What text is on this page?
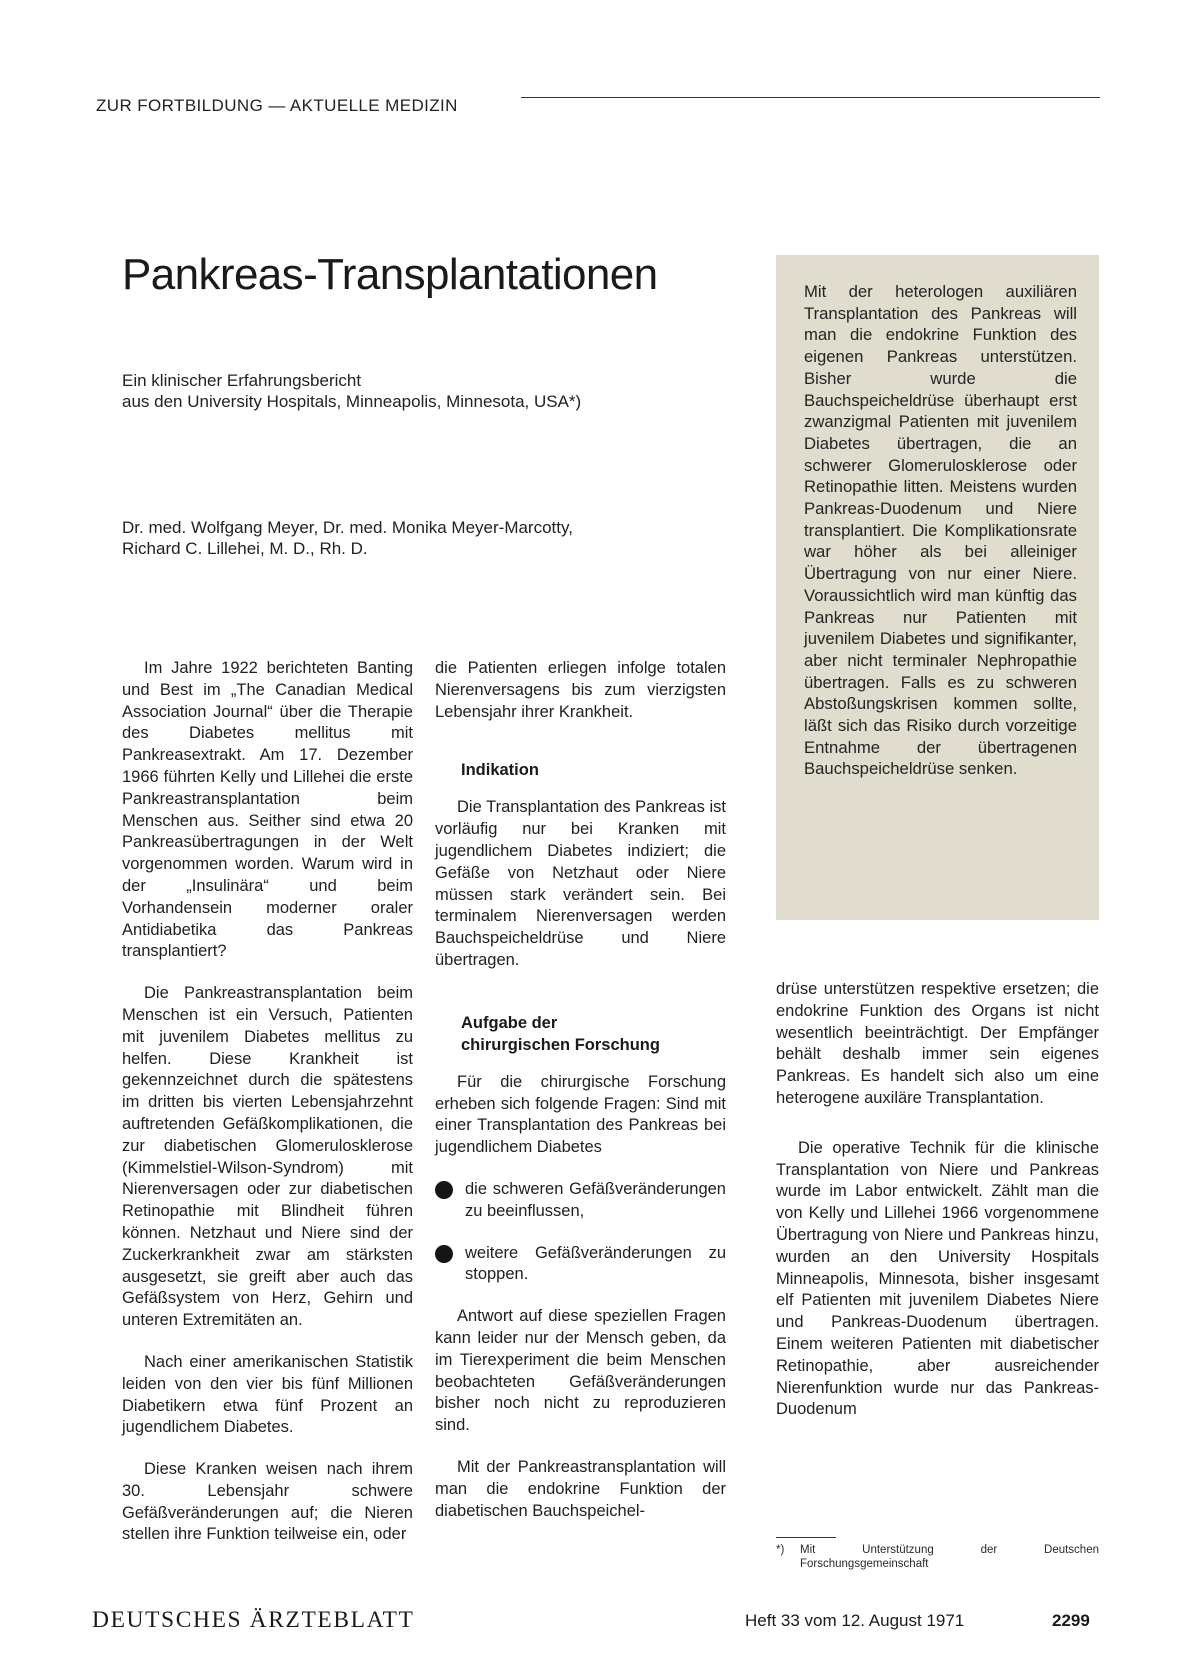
ZUR FORTBILDUNG — AKTUELLE MEDIZIN
Pankreas-Transplantationen
Ein klinischer Erfahrungsbericht
aus den University Hospitals, Minneapolis, Minnesota, USA*)
Dr. med. Wolfgang Meyer, Dr. med. Monika Meyer-Marcotty,
Richard C. Lillehei, M. D., Rh. D.
Mit der heterologen auxiliären Transplantation des Pankreas will man die endokrine Funktion des eigenen Pankreas unterstützen. Bisher wurde die Bauchspeicheldrüse überhaupt erst zwanzigmal Patienten mit juvenilem Diabetes übertragen, die an schwerer Glomerulosklerose oder Retinopathie litten. Meistens wurden Pankreas-Duodenum und Niere transplantiert. Die Komplikationsrate war höher als bei alleiniger Übertragung von nur einer Niere. Voraussichtlich wird man künftig das Pankreas nur Patienten mit juvenilem Diabetes und signifikanter, aber nicht terminaler Nephropathie übertragen. Falls es zu schweren Abstoßungskrisen kommen sollte, läßt sich das Risiko durch vorzeitige Entnahme der übertragenen Bauchspeicheldrüse senken.

Im Jahre 1922 berichteten Banting und Best im „The Canadian Medical Association Journal“ über die Therapie des Diabetes mellitus mit Pankreasextrakt. Am 17. Dezember 1966 führten Kelly und Lillehei die erste Pankreastransplantation beim Menschen aus. Seither sind etwa 20 Pankreasübertragungen in der Welt vorgenommen worden. Warum wird in der „Insulinära“ und beim Vorhandensein moderner oraler Antidiabetika das Pankreas transplantiert?

Die Pankreastransplantation beim Menschen ist ein Versuch, Patienten mit juvenilem Diabetes mellitus zu helfen. Diese Krankheit ist gekennzeichnet durch die spätestens im dritten bis vierten Lebensjahrzehnt auftretenden Gefäßkomplikationen, die zur diabetischen Glomerulosklerose (Kimmelstiel-Wilson-Syndrom) mit Nierenversagen oder zur diabetischen Retinopathie mit Blindheit führen können. Netzhaut und Niere sind der Zuckerkrankheit zwar am stärksten ausgesetzt, sie greift aber auch das Gefäßsystem von Herz, Gehirn und unteren Extremitäten an.

Nach einer amerikanischen Statistik leiden von den vier bis fünf Millionen Diabetikern etwa fünf Prozent an jugendlichem Diabetes.

Diese Kranken weisen nach ihrem 30. Lebensjahr schwere Gefäßveränderungen auf; die Nieren stellen ihre Funktion teilweise ein, oder

die Patienten erliegen infolge totalen Nierenversagens bis zum vierzigsten Lebensjahr ihrer Krankheit.

Indikation

Die Transplantation des Pankreas ist vorläufig nur bei Kranken mit jugendlichem Diabetes indiziert; die Gefäße von Netzhaut oder Niere müssen stark verändert sein. Bei terminalem Nierenversagen werden Bauchspeicheldrüse und Niere übertragen.

Aufgabe der
chirurgischen Forschung

Für die chirurgische Forschung erheben sich folgende Fragen: Sind mit einer Transplantation des Pankreas bei jugendlichem Diabetes

die schweren Gefäßveränderungen zu beeinflussen,
weitere Gefäßveränderungen zu stoppen.

Antwort auf diese speziellen Fragen kann leider nur der Mensch geben, da im Tierexperiment die beim Menschen beobachteten Gefäßveränderungen bisher noch nicht zu reproduzieren sind.

Mit der Pankreastransplantation will man die endokrine Funktion der diabetischen Bauchspeichel-

drüse unterstützen respektive ersetzen; die endokrine Funktion des Organs ist nicht wesentlich beeinträchtigt. Der Empfänger behält deshalb immer sein eigenes Pankreas. Es handelt sich also um eine heterogene auxiläre Transplantation.

Die operative Technik für die klinische Transplantation von Niere und Pankreas wurde im Labor entwickelt. Zählt man die von Kelly und Lillehei 1966 vorgenommene Übertragung von Niere und Pankreas hinzu, wurden an den University Hospitals Minneapolis, Minnesota, bisher insgesamt elf Patienten mit juvenilem Diabetes Niere und Pankreas-Duodenum übertragen. Einem weiteren Patienten mit diabetischer Retinopathie, aber ausreichender Nierenfunktion wurde nur das Pankreas-Duodenum

*)	Mit Unterstützung der Deutschen Forschungsgemeinschaft
DEUTSCHES ÄRZTEBLATT	Heft 33 vom 12. August 1971	2299
